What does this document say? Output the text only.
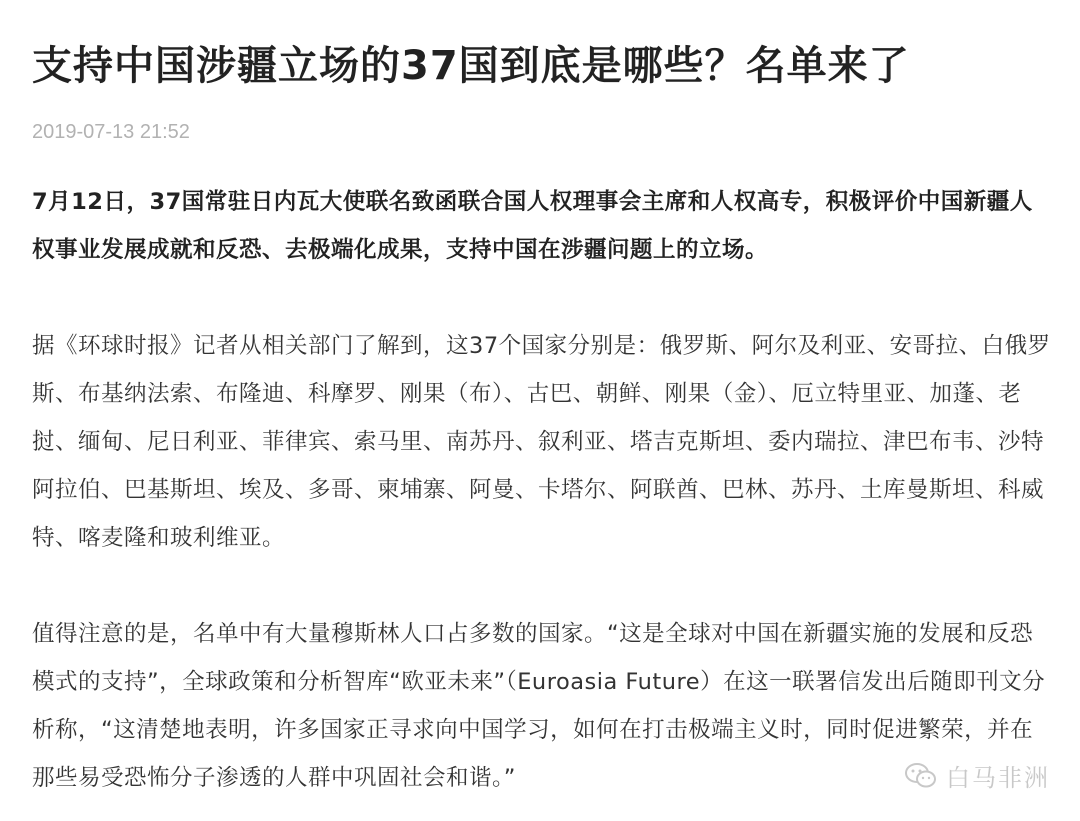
支持中国涉疆立场的37国到底是哪些？名单来了
2019-07-13 21:52

7月12日，37国常驻日内瓦大使联名致函联合国人权理事会主席和人权高专，积极评价中国新疆人权事业发展成就和反恐、去极端化成果，支持中国在涉疆问题上的立场。

据《环球时报》记者从相关部门了解到，这37个国家分别是：俄罗斯、阿尔及利亚、安哥拉、白俄罗斯、布基纳法索、布隆迪、科摩罗、刚果（布）、古巴、朝鲜、刚果（金）、厄立特里亚、加蓬、老挝、缅甸、尼日利亚、菲律宾、索马里、南苏丹、叙利亚、塔吉克斯坦、委内瑞拉、津巴布韦、沙特阿拉伯、巴基斯坦、埃及、多哥、柬埔寨、阿曼、卡塔尔、阿联酋、巴林、苏丹、土库曼斯坦、科威特、喀麦隆和玻利维亚。

值得注意的是，名单中有大量穆斯林人口占多数的国家。“这是全球对中国在新疆实施的发展和反恐模式的支持”，全球政策和分析智库“欧亚未来”（Euroasia Future）在这一联署信发出后随即刊文分析称，“这清楚地表明，许多国家正寻求向中国学习，如何在打击极端主义时，同时促进繁荣，并在那些易受恐怖分子渗透的人群中巩固社会和谐。”	白马非洲
